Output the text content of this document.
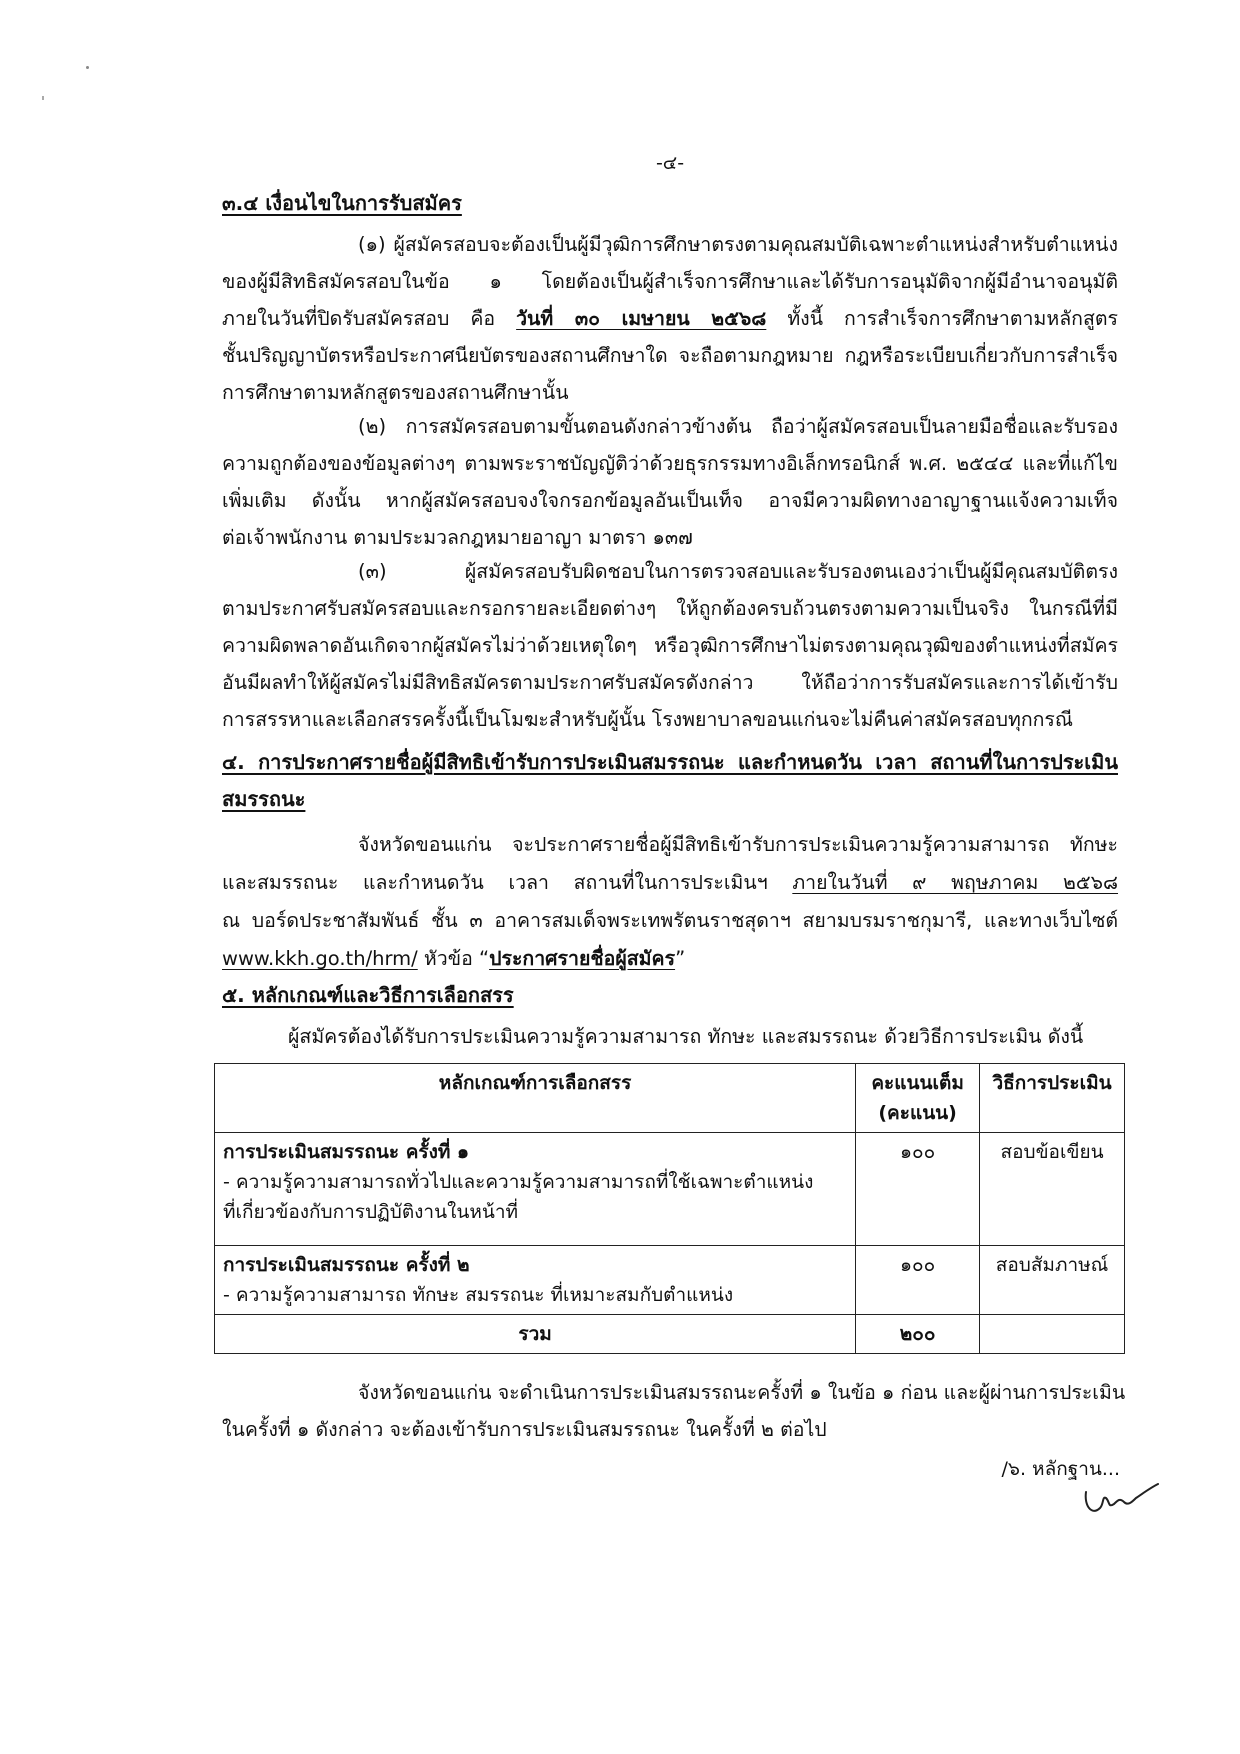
-๔-
๓.๔ เงื่อนไขในการรับสมัคร
(๑) ผู้สมัครสอบจะต้องเป็นผู้มีวุฒิการศึกษาตรงตามคุณสมบัติเฉพาะตำแหน่งสำหรับตำแหน่ง
ของผู้มีสิทธิสมัครสอบในข้อ ๑ โดยต้องเป็นผู้สำเร็จการศึกษาและได้รับการอนุมัติจากผู้มีอำนาจอนุมัติ
ภายในวันที่ปิดรับสมัครสอบ คือ วันที่ ๓๐ เมษายน ๒๕๖๘ ทั้งนี้ การสำเร็จการศึกษาตามหลักสูตร
ชั้นปริญญาบัตรหรือประกาศนียบัตรของสถานศึกษาใด จะถือตามกฎหมาย กฎหรือระเบียบเกี่ยวกับการสำเร็จ
การศึกษาตามหลักสูตรของสถานศึกษานั้น
(๒) การสมัครสอบตามขั้นตอนดังกล่าวข้างต้น ถือว่าผู้สมัครสอบเป็นลายมือชื่อและรับรอง
ความถูกต้องของข้อมูลต่างๆ ตามพระราชบัญญัติว่าด้วยธุรกรรมทางอิเล็กทรอนิกส์ พ.ศ. ๒๕๔๔ และที่แก้ไข
เพิ่มเติม ดังนั้น หากผู้สมัครสอบจงใจกรอกข้อมูลอันเป็นเท็จ อาจมีความผิดทางอาญาฐานแจ้งความเท็จ
ต่อเจ้าพนักงาน ตามประมวลกฎหมายอาญา มาตรา ๑๓๗
(๓) ผู้สมัครสอบรับผิดชอบในการตรวจสอบและรับรองตนเองว่าเป็นผู้มีคุณสมบัติตรง
ตามประกาศรับสมัครสอบและกรอกรายละเอียดต่างๆ ให้ถูกต้องครบถ้วนตรงตามความเป็นจริง ในกรณีที่มี
ความผิดพลาดอันเกิดจากผู้สมัครไม่ว่าด้วยเหตุใดๆ หรือวุฒิการศึกษาไม่ตรงตามคุณวุฒิของตำแหน่งที่สมัคร
อันมีผลทำให้ผู้สมัครไม่มีสิทธิสมัครตามประกาศรับสมัครดังกล่าว ให้ถือว่าการรับสมัครและการได้เข้ารับ
การสรรหาและเลือกสรรครั้งนี้เป็นโมฆะสำหรับผู้นั้น โรงพยาบาลขอนแก่นจะไม่คืนค่าสมัครสอบทุกกรณี
๔. การประกาศรายชื่อผู้มีสิทธิเข้ารับการประเมินสมรรถนะ และกำหนดวัน เวลา สถานที่ในการประเมิน
สมรรถนะ
จังหวัดขอนแก่น จะประกาศรายชื่อผู้มีสิทธิเข้ารับการประเมินความรู้ความสามารถ ทักษะ
และสมรรถนะ และกำหนดวัน เวลา สถานที่ในการประเมินฯ ภายในวันที่ ๙ พฤษภาคม ๒๕๖๘
ณ บอร์ดประชาสัมพันธ์ ชั้น ๓ อาคารสมเด็จพระเทพรัตนราชสุดาฯ สยามบรมราชกุมารี, และทางเว็บไซต์
www.kkh.go.th/hrm/ หัวข้อ “ประกาศรายชื่อผู้สมัคร”
๕. หลักเกณฑ์และวิธีการเลือกสรร
ผู้สมัครต้องได้รับการประเมินความรู้ความสามารถ ทักษะ และสมรรถนะ ด้วยวิธีการประเมิน ดังนี้
หลักเกณฑ์การเลือกสรร	คะแนนเต็ม
(คะแนน)	วิธีการประเมิน

การประเมินสมรรถนะ ครั้งที่ ๑
- ความรู้ความสามารถทั่วไปและความรู้ความสามารถที่ใช้เฉพาะตำแหน่ง
ที่เกี่ยวข้องกับการปฏิบัติงานในหน้าที่	๑๐๐	สอบข้อเขียน

การประเมินสมรรถนะ ครั้งที่ ๒
- ความรู้ความสามารถ ทักษะ สมรรถนะ ที่เหมาะสมกับตำแหน่ง	๑๐๐	สอบสัมภาษณ์
รวม	๒๐๐	
จังหวัดขอนแก่น จะดำเนินการประเมินสมรรถนะครั้งที่ ๑ ในข้อ ๑ ก่อน และผู้ผ่านการประเมิน
ในครั้งที่ ๑ ดังกล่าว จะต้องเข้ารับการประเมินสมรรถนะ ในครั้งที่ ๒ ต่อไป
/๖. หลักฐาน...
